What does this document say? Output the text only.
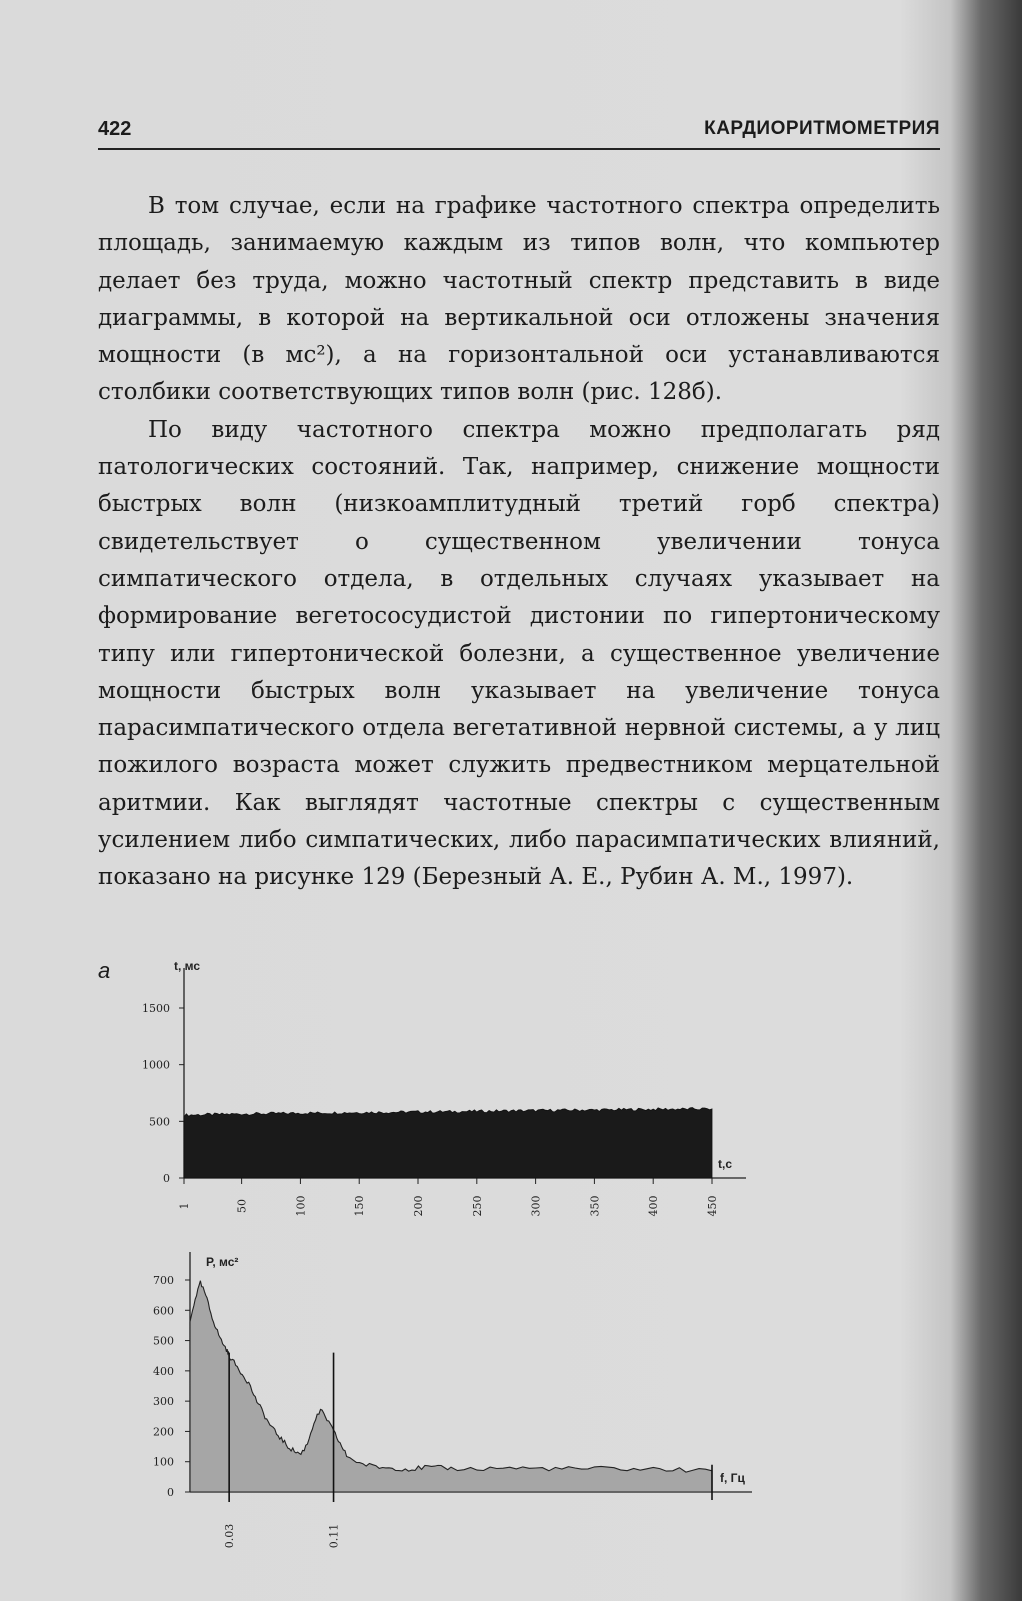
422	КАРДИОРИТМОМЕТРИЯ

В том случае, если на графике частотного спектра определить площадь, занимаемую каждым из типов волн, что компьютер делает без труда, можно частотный спектр представить в виде диаграммы, в которой на вертикальной оси отложены значения мощности (в мс²), а на горизонтальной оси устанавливаются столбики соответствующих типов волн (рис. 128б).

По виду частотного спектра можно предполагать ряд патологических состояний. Так, например, снижение мощности быстрых волн (низкоамплитудный третий горб спектра) свидетельствует о существенном увеличении тонуса симпатического отдела, в отдельных случаях указывает на формирование вегетососудистой дистонии по гипертоническому типу или гипертонической болезни, а существенное увеличение мощности быстрых волн указывает на увеличение тонуса парасимпатического отдела вегетативной нервной системы, а у лиц пожилого возраста может служить предвестником мерцательной аритмии. Как выглядят частотные спектры с существенным усилением либо симпатических, либо парасимпатических влияний, показано на рисунке 129 (Березный А. Е., Рубин А. М., 1997).

а
0
500
1000
1500
1	50	100	150	200	250	300	350	400	450
t, мс
t,c
0
100
200
300
400
500
600
700
0.03	0.11
Р, мс²
f, Гц
